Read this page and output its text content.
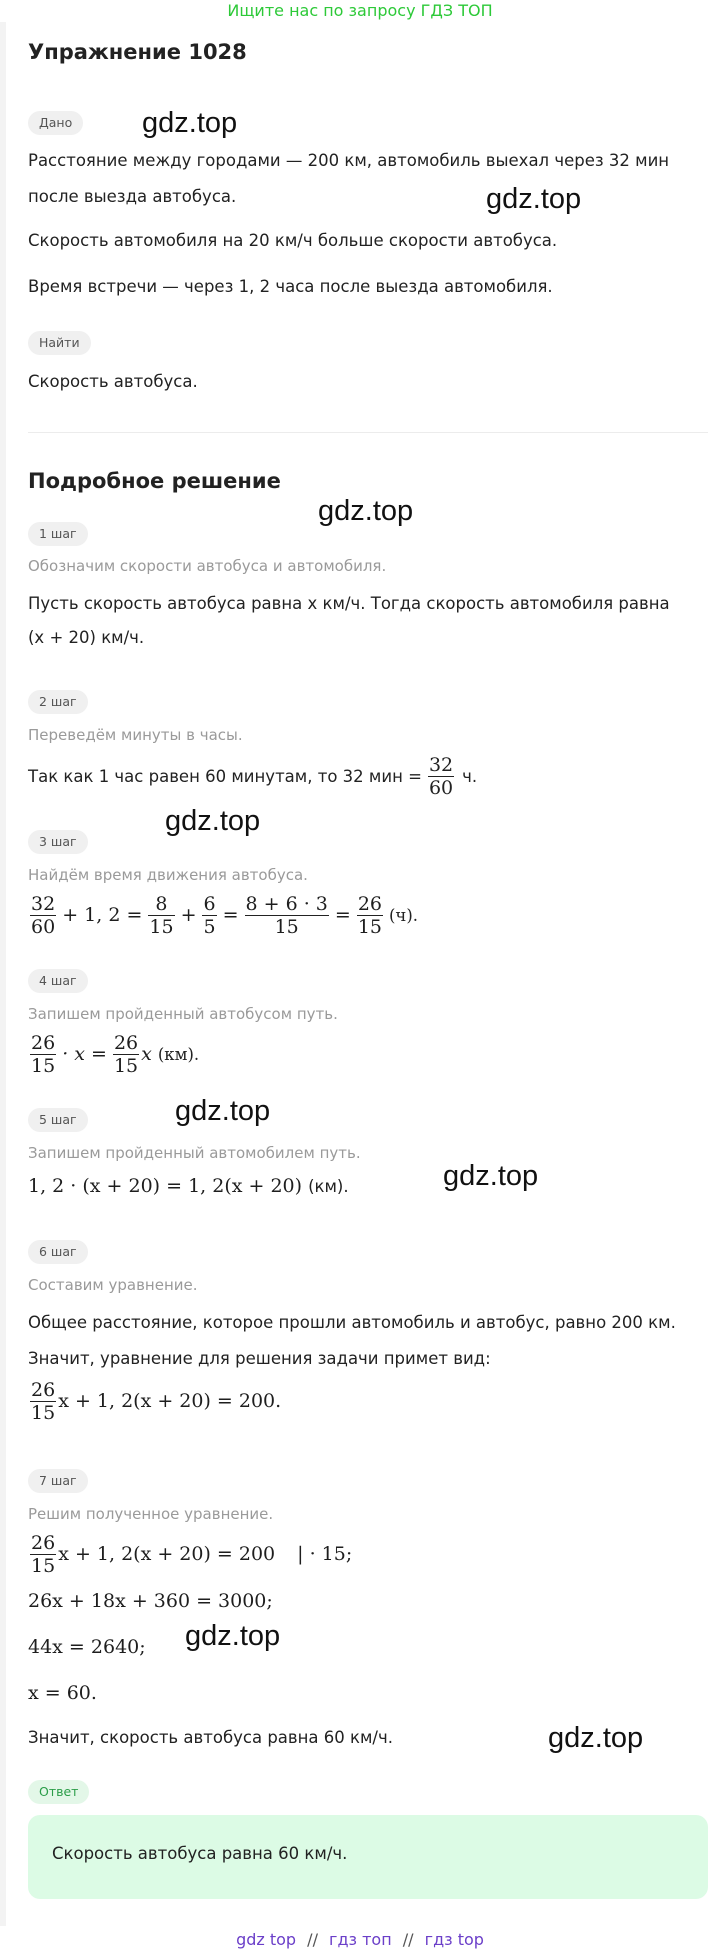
Ищите нас по запросу ГДЗ ТОП
Упражнение 1028
Дано
Расстояние между городами — 200 км, автомобиль выехал через 32 мин
после выезда автобуса.
Скорость автомобиля на 20 км/ч больше скорости автобуса.
Время встречи — через 1, 2 часа после выезда автомобиля.
Найти
Скорость автобуса.
Подробное решение
1 шаг
Обозначим скорости автобуса и автомобиля.
Пусть скорость автобуса равна x км/ч. Тогда скорость автомобиля равна
(x + 20) км/ч.
2 шаг
Переведём минуты в часы.
Так как 1 час равен 60 минутам, то 32 мин = $\frac{32}{60} ч$.
3 шаг
Найдём время движения автобуса.
$\frac{32}{60} + 1$, $2 = \frac{8}{15} + \frac{6}{5} = \frac{8 + 6 \cdot 3}{15} = \frac{26}{15} (ч)$.
4 шаг
Запишем пройденный автобусом путь.
$\frac{26}{15} \cdot x = \frac{26}{15}$ x (км).
5 шаг
Запишем пройденный автомобилем путь.
1, 2 · (x + 20) = 1, 2(x + 20) (км).
6 шаг
Составим уравнение.
Общее расстояние, которое прошли автомобиль и автобус, равно 200 км.
Значит, уравнение для решения задачи примет вид:
$\frac{26}{15}$ x + 1, 2(x + 20) = 200.
7 шаг
Решим полученное уравнение.
$\frac{26}{15}$ x + 1, 2(x + 20) = 200 | · 15;
26x + 18x + 360 = 3000;
44x = 2640;
x = 60.
Значит, скорость автобуса равна 60 км/ч.
Ответ
Скорость автобуса равна 60 км/ч.
gdz.top
gdz.top
gdz.top
gdz.top
gdz.top
gdz.top
gdz.top
gdz.top
gdz top // гдз топ // гдз top
